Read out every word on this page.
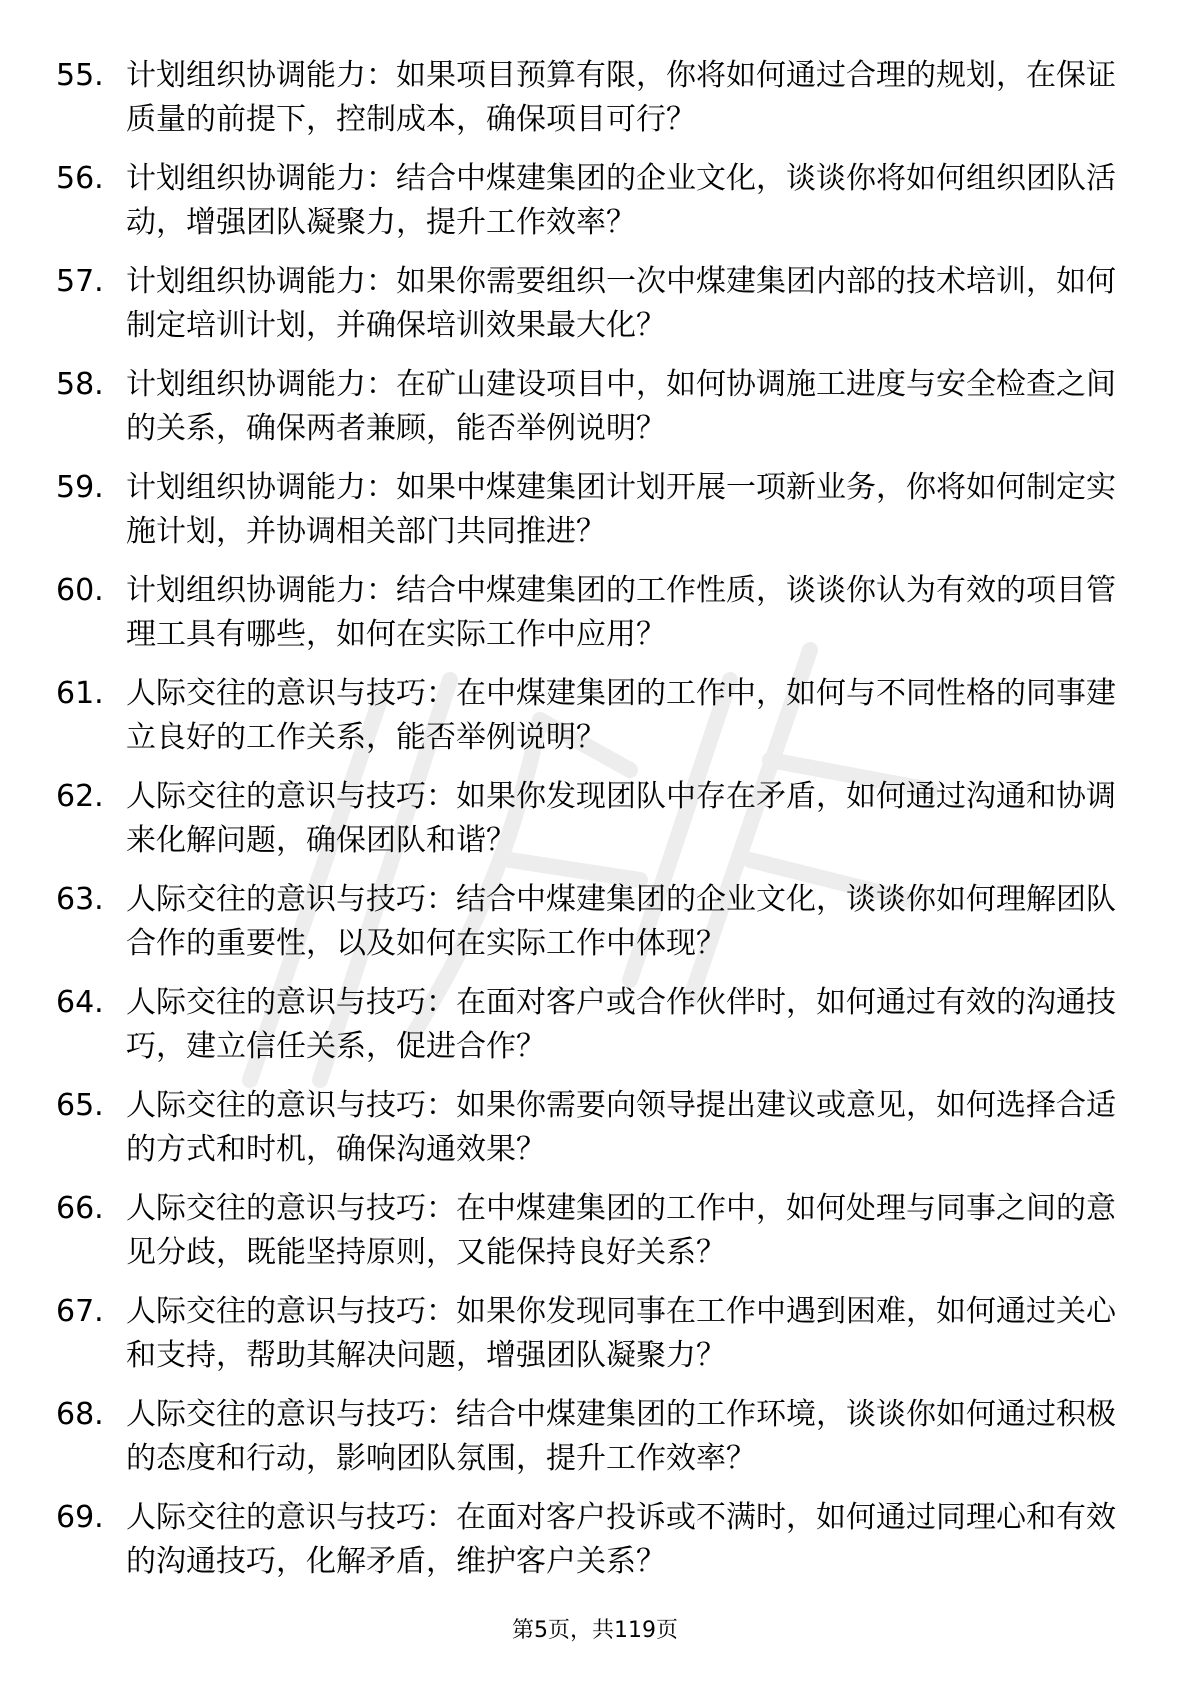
55. 计划组织协调能力：如果项目预算有限，你将如何通过合理的规划，在保证质量的前提下，控制成本，确保项目可行？
56. 计划组织协调能力：结合中煤建集团的企业文化，谈谈你将如何组织团队活动，增强团队凝聚力，提升工作效率？
57. 计划组织协调能力：如果你需要组织一次中煤建集团内部的技术培训，如何制定培训计划，并确保培训效果最大化？
58. 计划组织协调能力：在矿山建设项目中，如何协调施工进度与安全检查之间的关系，确保两者兼顾，能否举例说明？
59. 计划组织协调能力：如果中煤建集团计划开展一项新业务，你将如何制定实施计划，并协调相关部门共同推进？
60. 计划组织协调能力：结合中煤建集团的工作性质，谈谈你认为有效的项目管理工具有哪些，如何在实际工作中应用？
61. 人际交往的意识与技巧：在中煤建集团的工作中，如何与不同性格的同事建立良好的工作关系，能否举例说明？
62. 人际交往的意识与技巧：如果你发现团队中存在矛盾，如何通过沟通和协调来化解问题，确保团队和谐？
63. 人际交往的意识与技巧：结合中煤建集团的企业文化，谈谈你如何理解团队合作的重要性，以及如何在实际工作中体现？
64. 人际交往的意识与技巧：在面对客户或合作伙伴时，如何通过有效的沟通技巧，建立信任关系，促进合作？
65. 人际交往的意识与技巧：如果你需要向领导提出建议或意见，如何选择合适的方式和时机，确保沟通效果？
66. 人际交往的意识与技巧：在中煤建集团的工作中，如何处理与同事之间的意见分歧，既能坚持原则，又能保持良好关系？
67. 人际交往的意识与技巧：如果你发现同事在工作中遇到困难，如何通过关心和支持，帮助其解决问题，增强团队凝聚力？
68. 人际交往的意识与技巧：结合中煤建集团的工作环境，谈谈你如何通过积极的态度和行动，影响团队氛围，提升工作效率？
69. 人际交往的意识与技巧：在面对客户投诉或不满时，如何通过同理心和有效的沟通技巧，化解矛盾，维护客户关系？
第5页，共119页
